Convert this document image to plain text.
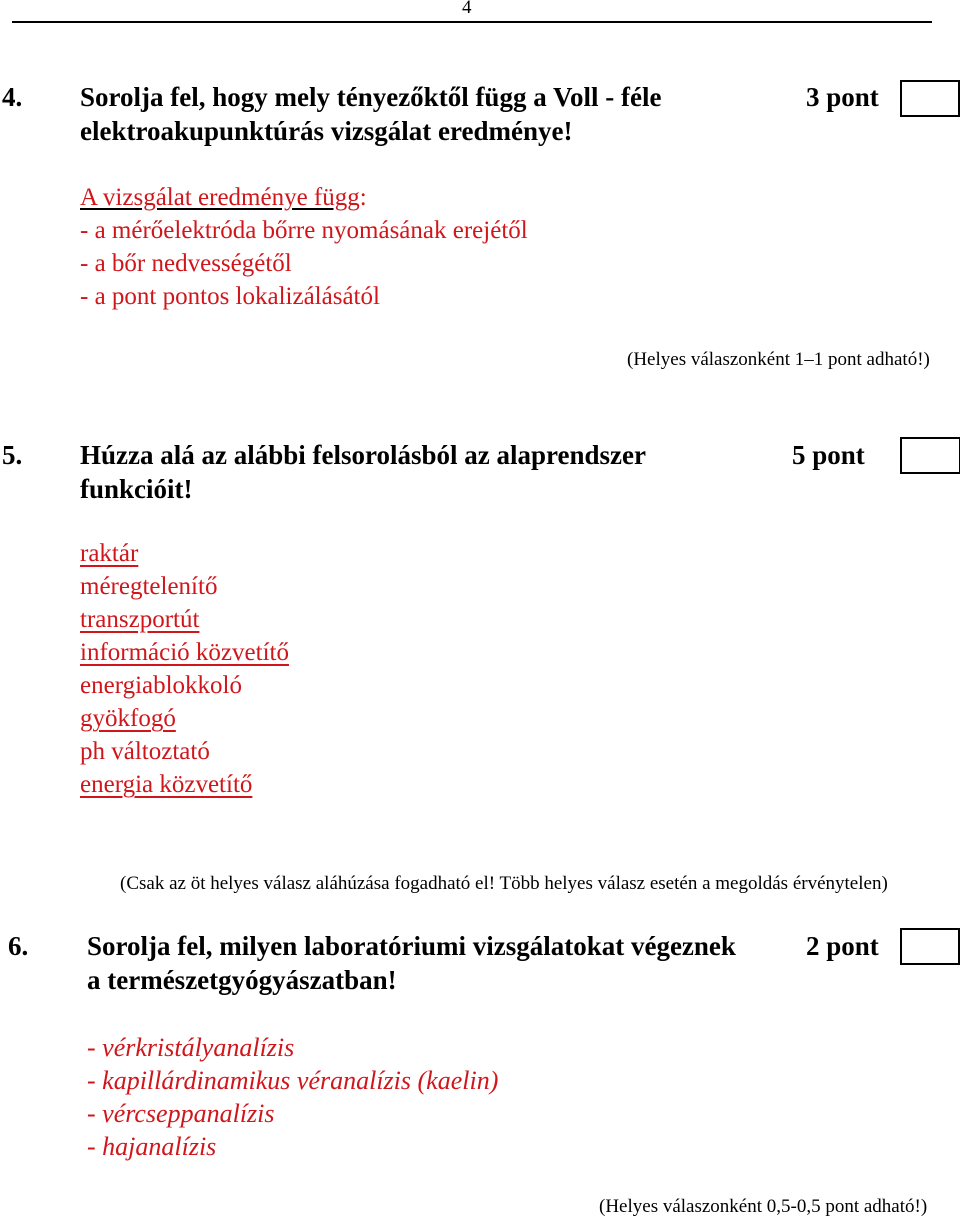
4
4. Sorolja fel, hogy mely tényezőktől függ a Voll - féle
elektroakupunktúrás vizsgálat eredménye!
3 pont
A vizsgálat eredménye függ:
- a mérőelektróda bőrre nyomásának erejétől
- a bőr nedvességétől
- a pont pontos lokalizálásától
(Helyes válaszonként 1–1 pont adható!)
5. Húzza alá az alábbi felsorolásból az alaprendszer
funkcióit!
5 pont
raktár
méregtelenítő
transzportút
információ közvetítő
energiablokkoló
gyökfogó
ph változtató
energia közvetítő
(Csak az öt helyes válasz aláhúzása fogadható el! Több helyes válasz esetén a megoldás érvénytelen)
6. Sorolja fel, milyen laboratóriumi vizsgálatokat végeznek
a természetgyógyászatban!
2 pont
- vérkristályanalízis
- kapillárdinamikus véranalízis (kaelin)
- vércseppanalízis
- hajanalízis
(Helyes válaszonként 0,5-0,5 pont adható!)
